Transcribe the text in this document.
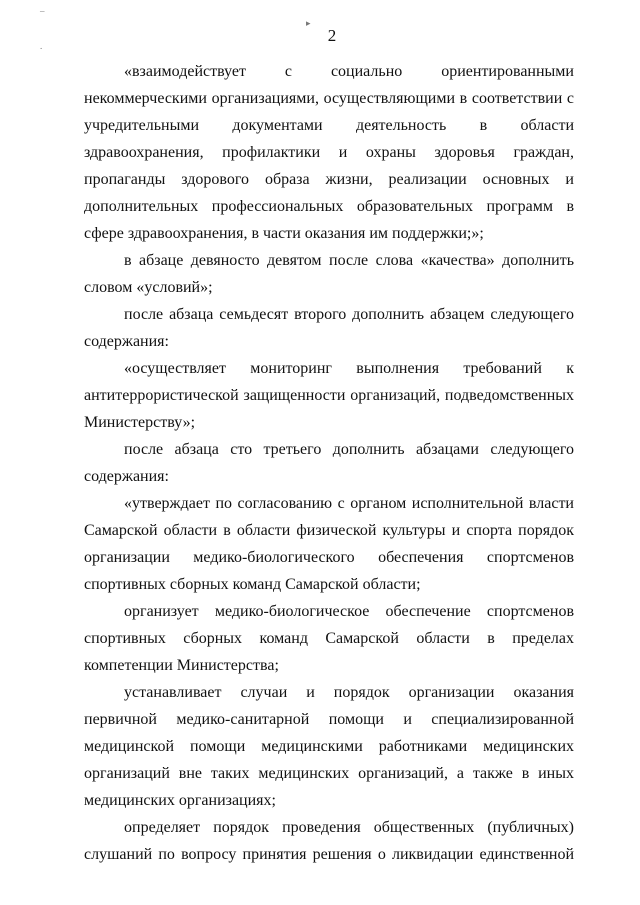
–
.
▸
2

«взаимодействует с социально ориентированными некоммерческими организациями, осуществляющими в соответствии с учредительными документами деятельность в области здравоохранения, профилактики и охраны здоровья граждан, пропаганды здорового образа жизни, реализации основных и дополнительных профессиональных образовательных программ в сфере здравоохранения, в части оказания им поддержки;»;

в абзаце девяносто девятом после слова «качества» дополнить словом «условий»;

после абзаца семьдесят второго дополнить абзацем следующего содержания:

«осуществляет мониторинг выполнения требований к антитеррористической защищенности организаций, подведомственных Министерству»;

после абзаца сто третьего дополнить абзацами следующего содержания:

«утверждает по согласованию с органом исполнительной власти Самарской области в области физической культуры и спорта порядок организации медико-биологического обеспечения спортсменов спортивных сборных команд Самарской области;

организует медико-биологическое обеспечение спортсменов спортивных сборных команд Самарской области в пределах компетенции Министерства;

устанавливает случаи и порядок организации оказания первичной медико-санитарной помощи и специализированной медицинской помощи медицинскими работниками медицинских организаций вне таких медицинских организаций, а также в иных медицинских организациях;

определяет порядок проведения общественных (публичных) слушаний по вопросу принятия решения о ликвидации единственной
